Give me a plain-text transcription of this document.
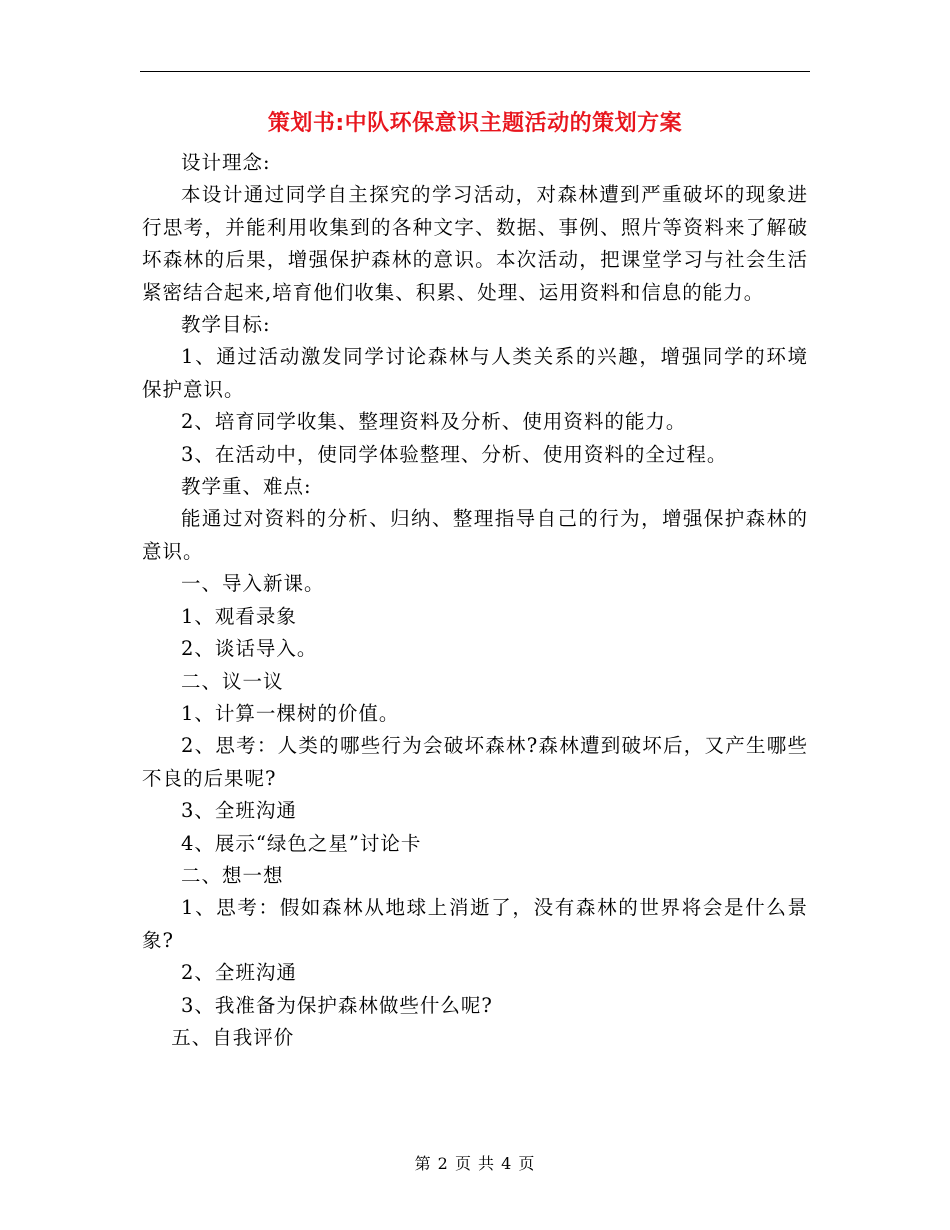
策划书:中队环保意识主题活动的策划方案

设计理念:

本设计通过同学自主探究的学习活动，对森林遭到严重破坏的现象进行思考，并能利用收集到的各种文字、数据、事例、照片等资料来了解破坏森林的后果，增强保护森林的意识。本次活动，把课堂学习与社会生活紧密结合起来,培育他们收集、积累、处理、运用资料和信息的能力。

教学目标:

1、通过活动激发同学讨论森林与人类关系的兴趣，增强同学的环境保护意识。

2、培育同学收集、整理资料及分析、使用资料的能力。

3、在活动中，使同学体验整理、分析、使用资料的全过程。

教学重、难点:

能通过对资料的分析、归纳、整理指导自己的行为，增强保护森林的意识。

一、导入新课。

1、观看录象

2、谈话导入。

二、议一议

1、计算一棵树的价值。

2、思考：人类的哪些行为会破坏森林?森林遭到破坏后，又产生哪些不良的后果呢?

3、全班沟通

4、展示“绿色之星”讨论卡

二、想一想

1、思考：假如森林从地球上消逝了，没有森林的世界将会是什么景象?

2、全班沟通

3、我准备为保护森林做些什么呢?

五、自我评价

第 2 页 共 4 页
